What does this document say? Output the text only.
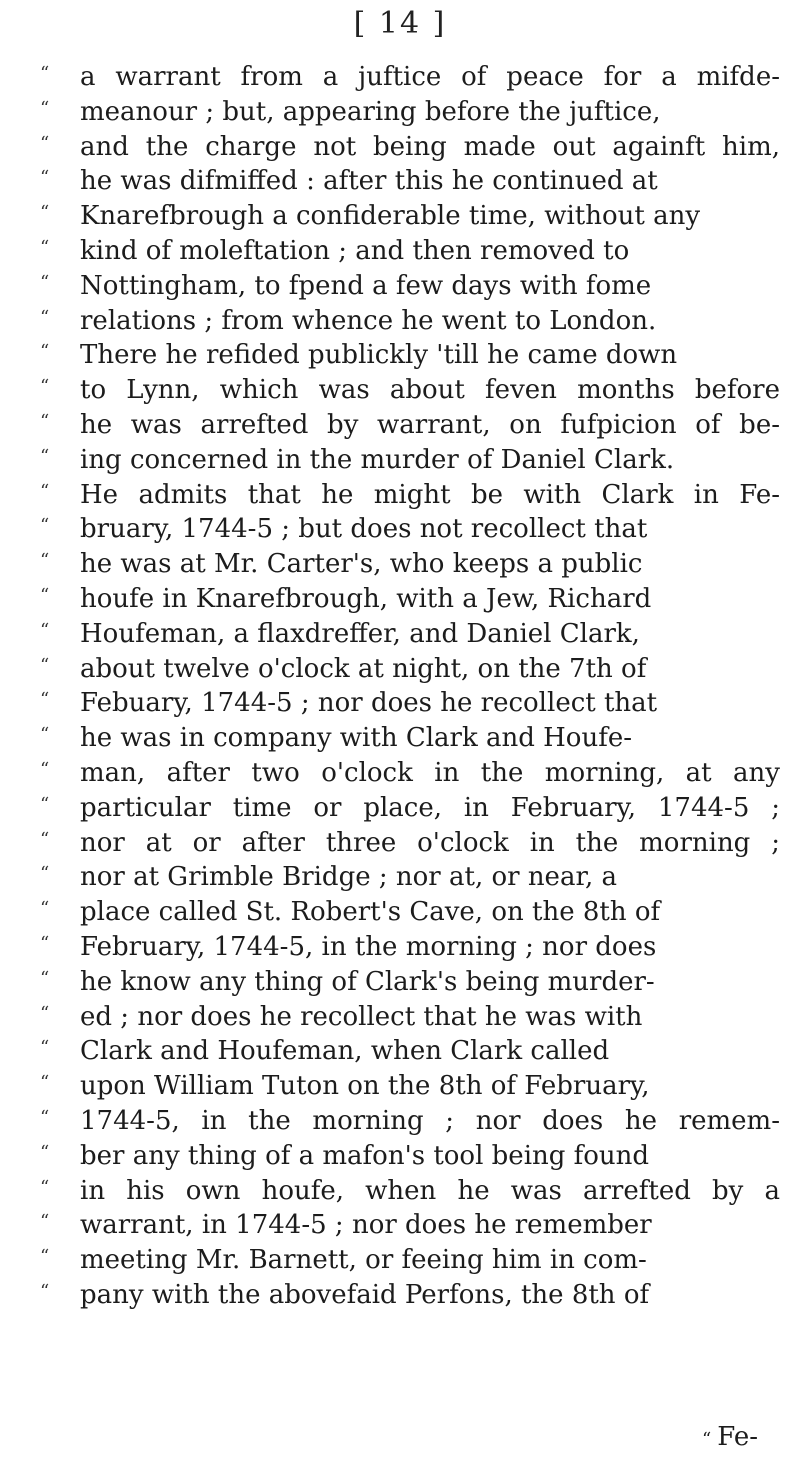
[ 14 ]
“ a warrant from a juftice of peace for a mifde-
“ meanour ; but, appearing before the juftice,
“ and the charge not being made out againft him,
“ he was difmiffed : after this he continued at
“ Knarefbrough a confiderable time, without any
“ kind of moleftation ; and then removed to
“ Nottingham, to fpend a few days with fome
“ relations ; from whence he went to London.
“ There he refided publickly 'till he came down
“ to Lynn, which was about feven months before
“ he was arrefted by warrant, on fufpicion of be-
“ ing concerned in the murder of Daniel Clark.
“ He admits that he might be with Clark in Fe-
“ bruary, 1744-5 ; but does not recollect that
“ he was at Mr. Carter's, who keeps a public
“ houfe in Knarefbrough, with a Jew, Richard
“ Houfeman, a flaxdreffer, and Daniel Clark,
“ about twelve o'clock at night, on the 7th of
“ Febuary, 1744-5 ; nor does he recollect that
“ he was in company with Clark and Houfe-
“ man, after two o'clock in the morning, at any
“ particular time or place, in February, 1744-5 ;
“ nor at or after three o'clock in the morning ;
“ nor at Grimble Bridge ; nor at, or near, a
“ place called St. Robert's Cave, on the 8th of
“ February, 1744-5, in the morning ; nor does
“ he know any thing of Clark's being murder-
“ ed ; nor does he recollect that he was with
“ Clark and Houfeman, when Clark called
“ upon William Tuton on the 8th of February,
“ 1744-5, in the morning ; nor does he remem-
“ ber any thing of a mafon's tool being found
“ in his own houfe, when he was arrefted by a
“ warrant, in 1744-5 ; nor does he remember
“ meeting Mr. Barnett, or feeing him in com-
“ pany with the abovefaid Perfons, the 8th of
“ Fe-
